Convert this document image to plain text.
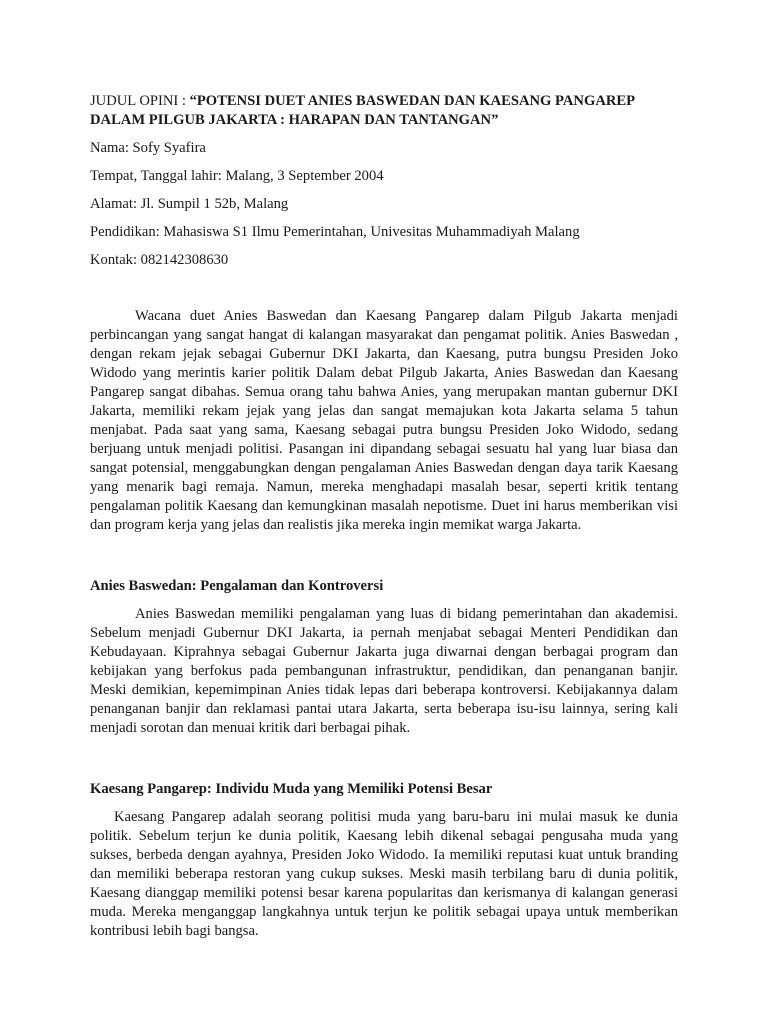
JUDUL OPINI : “POTENSI DUET ANIES BASWEDAN DAN KAESANG PANGAREP DALAM PILGUB JAKARTA : HARAPAN DAN TANTANGAN”

Nama: Sofy Syafira

Tempat, Tanggal lahir: Malang, 3 September 2004

Alamat: Jl. Sumpil 1 52b, Malang

Pendidikan: Mahasiswa S1 Ilmu Pemerintahan, Univesitas Muhammadiyah Malang

Kontak: 082142308630

Wacana duet Anies Baswedan dan Kaesang Pangarep dalam Pilgub Jakarta menjadi perbincangan yang sangat hangat di kalangan masyarakat dan pengamat politik. Anies Baswedan , dengan rekam jejak sebagai Gubernur DKI Jakarta, dan Kaesang, putra bungsu Presiden Joko Widodo yang merintis karier politik Dalam debat Pilgub Jakarta, Anies Baswedan dan Kaesang Pangarep sangat dibahas. Semua orang tahu bahwa Anies, yang merupakan mantan gubernur DKI Jakarta, memiliki rekam jejak yang jelas dan sangat memajukan kota Jakarta selama 5 tahun menjabat. Pada saat yang sama, Kaesang sebagai putra bungsu Presiden Joko Widodo, sedang berjuang untuk menjadi politisi. Pasangan ini dipandang sebagai sesuatu hal yang luar biasa dan sangat potensial, menggabungkan dengan pengalaman Anies Baswedan dengan daya tarik Kaesang yang menarik bagi remaja. Namun, mereka menghadapi masalah besar, seperti kritik tentang pengalaman politik Kaesang dan kemungkinan masalah nepotisme. Duet ini harus memberikan visi dan program kerja yang jelas dan realistis jika mereka ingin memikat warga Jakarta.

Anies Baswedan: Pengalaman dan Kontroversi

Anies Baswedan memiliki pengalaman yang luas di bidang pemerintahan dan akademisi. Sebelum menjadi Gubernur DKI Jakarta, ia pernah menjabat sebagai Menteri Pendidikan dan Kebudayaan. Kiprahnya sebagai Gubernur Jakarta juga diwarnai dengan berbagai program dan kebijakan yang berfokus pada pembangunan infrastruktur, pendidikan, dan penanganan banjir. Meski demikian, kepemimpinan Anies tidak lepas dari beberapa kontroversi. Kebijakannya dalam penanganan banjir dan reklamasi pantai utara Jakarta, serta beberapa isu-isu lainnya, sering kali menjadi sorotan dan menuai kritik dari berbagai pihak.

Kaesang Pangarep: Individu Muda yang Memiliki Potensi Besar

Kaesang Pangarep adalah seorang politisi muda yang baru-baru ini mulai masuk ke dunia politik. Sebelum terjun ke dunia politik, Kaesang lebih dikenal sebagai pengusaha muda yang sukses, berbeda dengan ayahnya, Presiden Joko Widodo. Ia memiliki reputasi kuat untuk branding dan memiliki beberapa restoran yang cukup sukses. Meski masih terbilang baru di dunia politik, Kaesang dianggap memiliki potensi besar karena popularitas dan kerismanya di kalangan generasi muda. Mereka menganggap langkahnya untuk terjun ke politik sebagai upaya untuk memberikan kontribusi lebih bagi bangsa.
